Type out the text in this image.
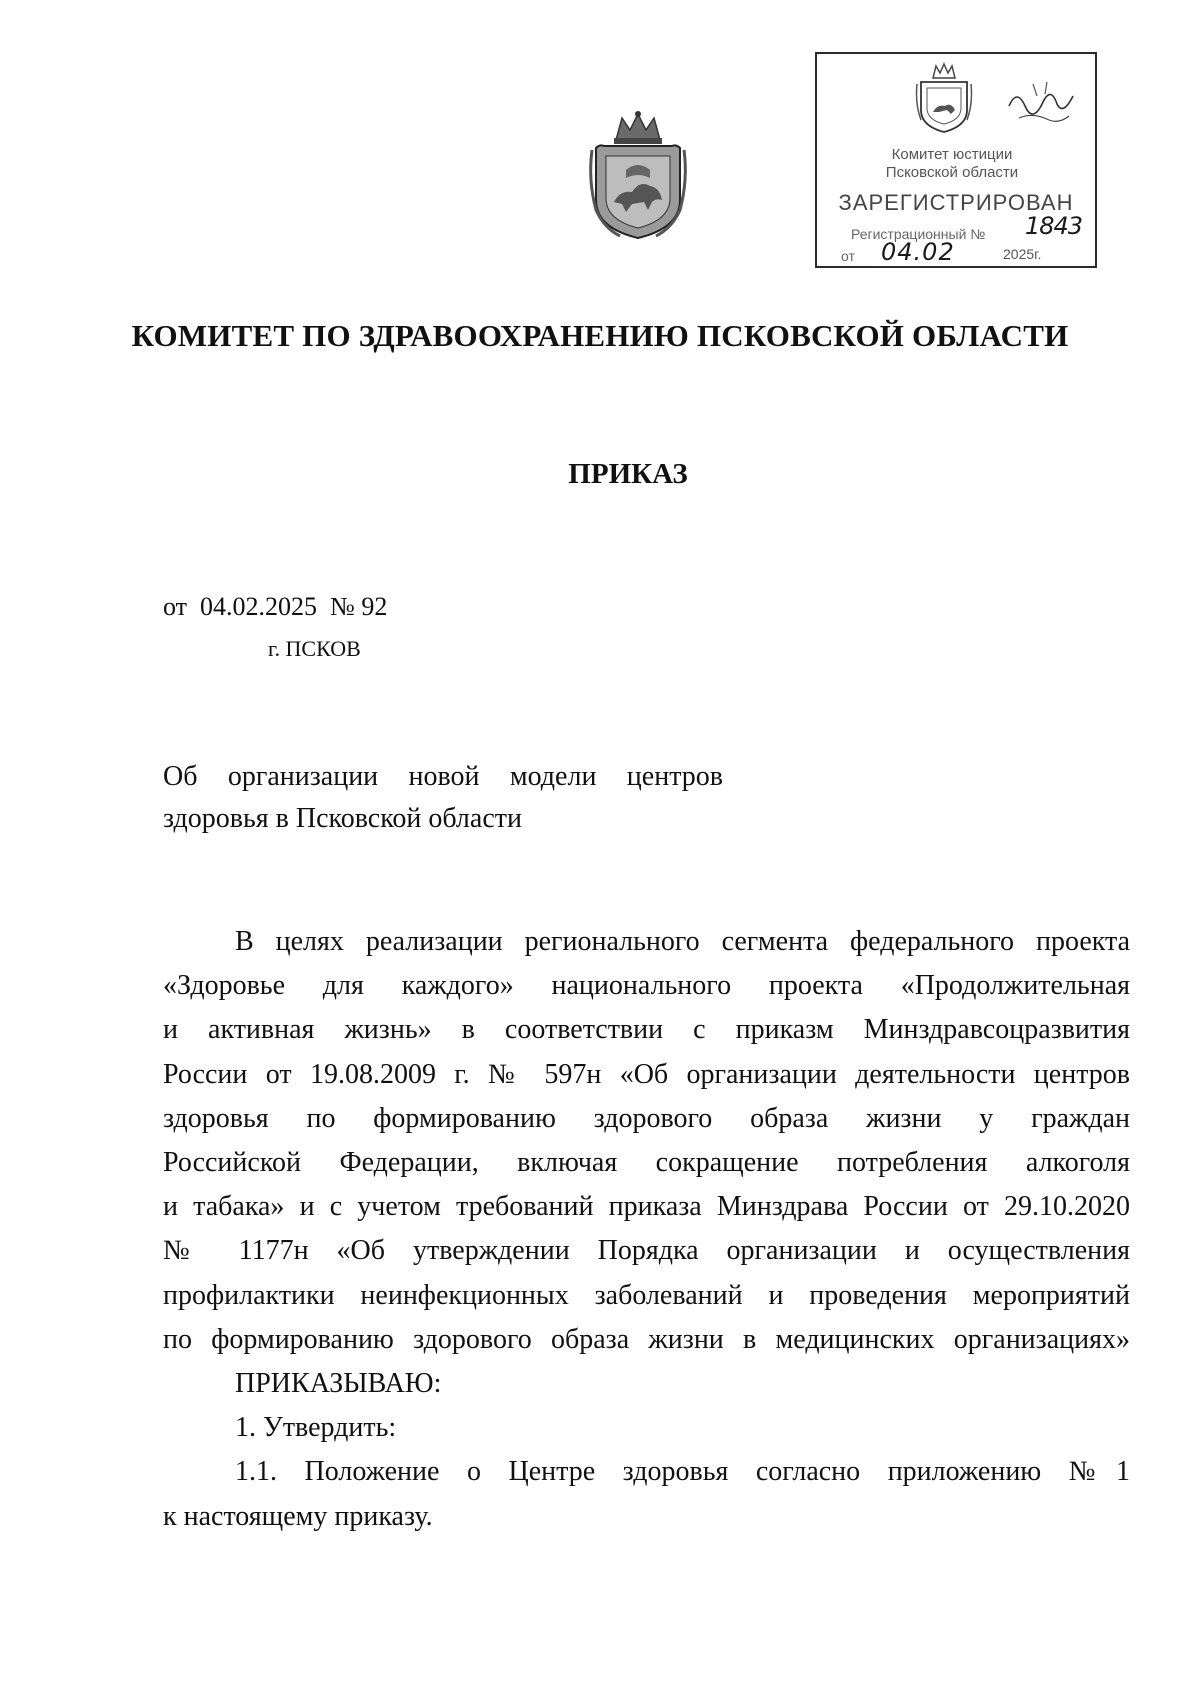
Комитет юстиции
Псковской области
ЗАРЕГИСТРИРОВАН
Регистрационный № 1843
от	04.02	2025г.
КОМИТЕТ ПО ЗДРАВООХРАНЕНИЮ ПСКОВСКОЙ ОБЛАСТИ
ПРИКАЗ
от  04.02.2025  № 92
г. ПСКОВ
Об организации новой модели центров
здоровья в Псковской области
В целях реализации регионального сегмента федерального проекта
«Здоровье для каждого» национального проекта «Продолжительная
и активная жизнь» в соответствии с приказм Минздравсоцразвития
России от 19.08.2009 г. № 597н «Об организации деятельности центров
здоровья по формированию здорового образа жизни у граждан
Российской Федерации, включая сокращение потребления алкоголя
и табака» и с учетом требований приказа Минздрава России от 29.10.2020
№ 1177н «Об утверждении Порядка организации и осуществления
профилактики неинфекционных заболеваний и проведения мероприятий
по формированию здорового образа жизни в медицинских организациях»
ПРИКАЗЫВАЮ:
1. Утвердить:
1.1. Положение о Центре здоровья согласно приложению №1
к настоящему приказу.
